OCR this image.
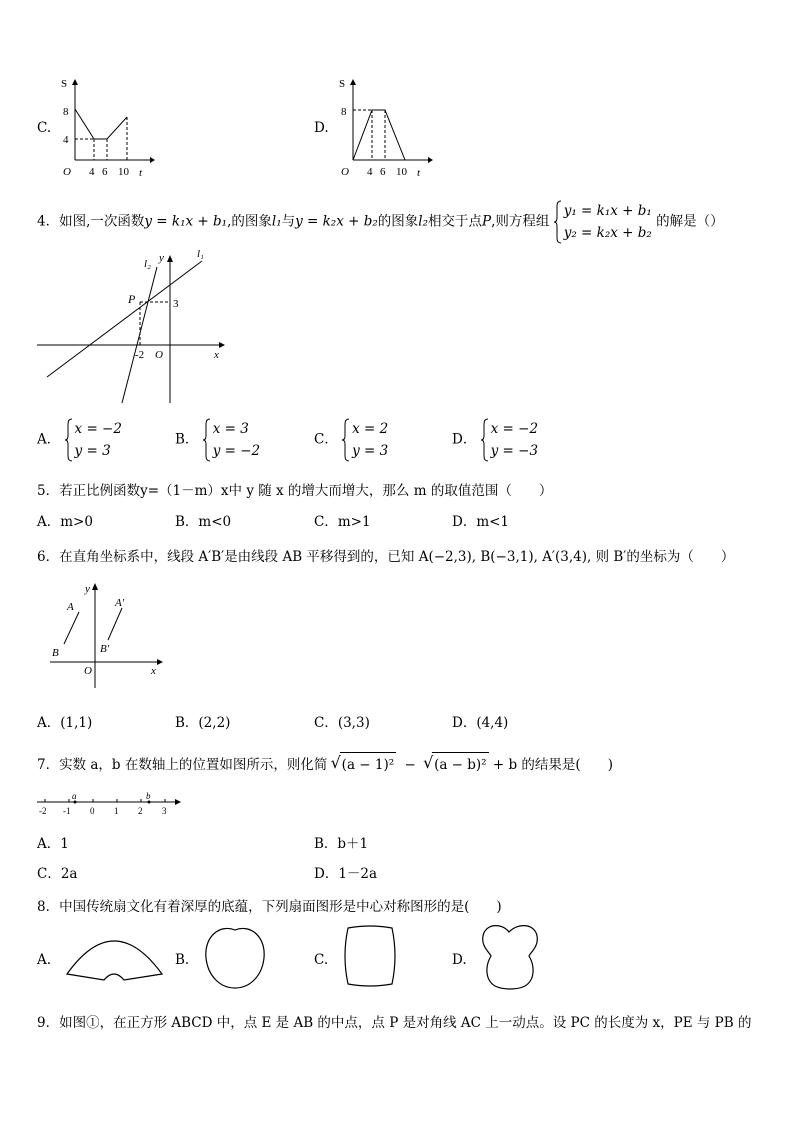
C.
S
t
O
8
4
4 6 10
D.
S
t
O
8
4 6 10
4．如图,一次函数y = k₁x + b₁,的图象l₁与y = k₂x + b₂的图象l₂相交于点P,则方程组
y₁ = k₁x + b₁
y₂ = k₂x + b₂ 的解是（）
l₂ y	l₁
P	3
-2 O	x
A．
x = −2
y = 3
B．
x = 3
y = −2
C．
x = 2
y = 3
D．
x = −2
y = −3
5．若正比例函数y=（1－m）x中 y 随 x 的增大而增大，那么 m 的取值范围（　　）
A．m>0	B．m<0	C．m>1	D．m<1
6．在直角坐标系中，线段 A′B′是由线段 AB 平移得到的，已知 A(−2,3), B(−3,1), A′(3,4), 则 B′的坐标为（　　）
y
A	A'
B	B'
O	x
A．(1,1)	B．(2,2)	C．(3,3)	D．(4,4)
7．实数 a，b 在数轴上的位置如图所示，则化简 √ (a − 1)² − √ (a − b)² + b 的结果是(　　)
a	b
-2 -1 0 1 2 3
A．1	B．b＋1
C．2a	D．1－2a
8．中国传统扇文化有着深厚的底蕴，下列扇面图形是中心对称图形的是(　　)
A.	B.	C.	D.
9．如图①，在正方形 ABCD 中，点 E 是 AB 的中点，点 P 是对角线 AC 上一动点。设 PC 的长度为 x，PE 与 PB 的
